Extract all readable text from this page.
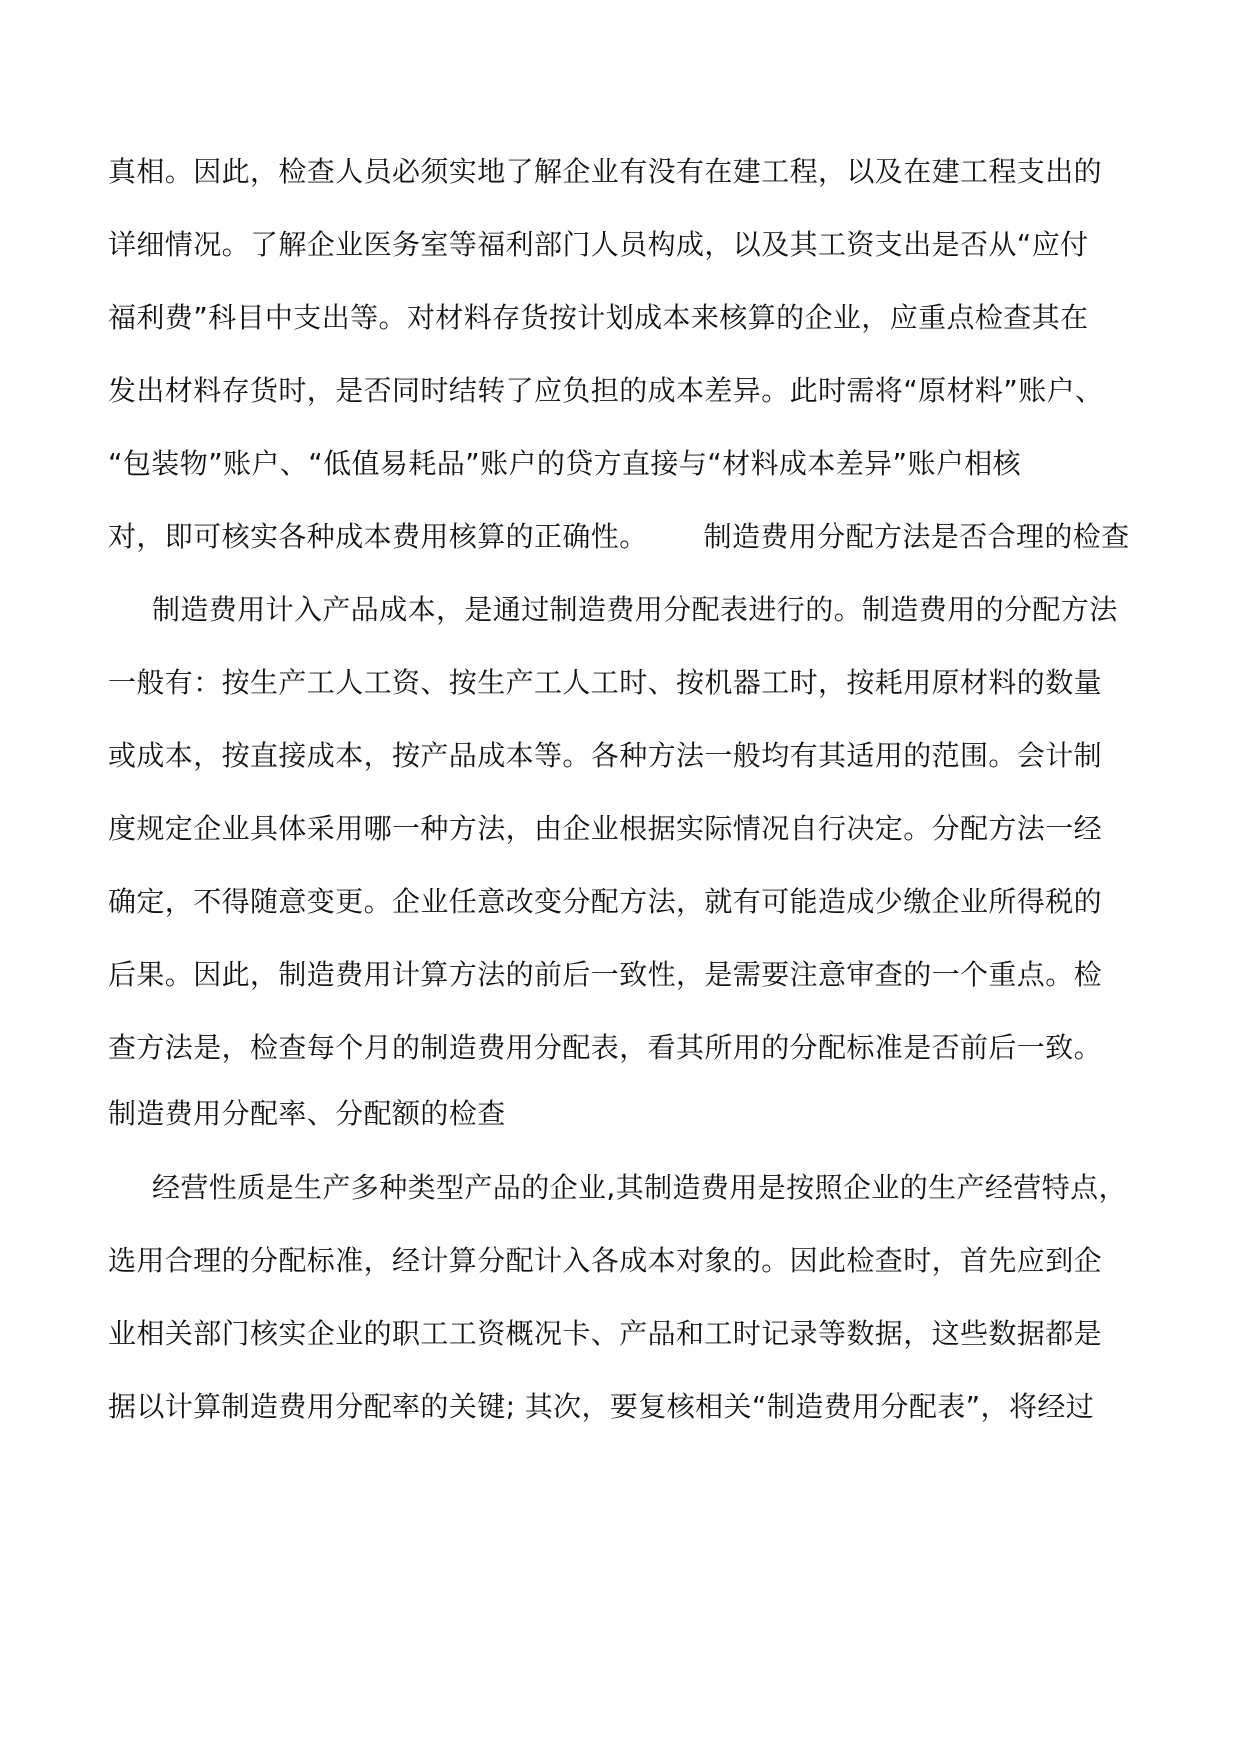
真相。因此，检查人员必须实地了解企业有没有在建工程，以及在建工程支出的
详细情况。了解企业医务室等福利部门人员构成，以及其工资支出是否从“应付
福利费”科目中支出等。对材料存货按计划成本来核算的企业，应重点检查其在
发出材料存货时，是否同时结转了应负担的成本差异。此时需将“原材料”账户、
“包装物”账户、“低值易耗品”账户的贷方直接与“材料成本差异”账户相核
对，即可核实各种成本费用核算的正确性。 制造费用分配方法是否合理的检查
制造费用计入产品成本，是通过制造费用分配表进行的。制造费用的分配方法
一般有：按生产工人工资、按生产工人工时、按机器工时，按耗用原材料的数量
或成本，按直接成本，按产品成本等。各种方法一般均有其适用的范围。会计制
度规定企业具体采用哪一种方法，由企业根据实际情况自行决定。分配方法一经
确定，不得随意变更。企业任意改变分配方法，就有可能造成少缴企业所得税的
后果。因此，制造费用计算方法的前后一致性，是需要注意审查的一个重点。检
查方法是，检查每个月的制造费用分配表，看其所用的分配标准是否前后一致。
制造费用分配率、分配额的检查
经营性质是生产多种类型产品的企业,其制造费用是按照企业的生产经营特点，
选用合理的分配标准，经计算分配计入各成本对象的。因此检查时，首先应到企
业相关部门核实企业的职工工资概况卡、产品和工时记录等数据，这些数据都是
据以计算制造费用分配率的关键; 其次，要复核相关“制造费用分配表”，将经过
